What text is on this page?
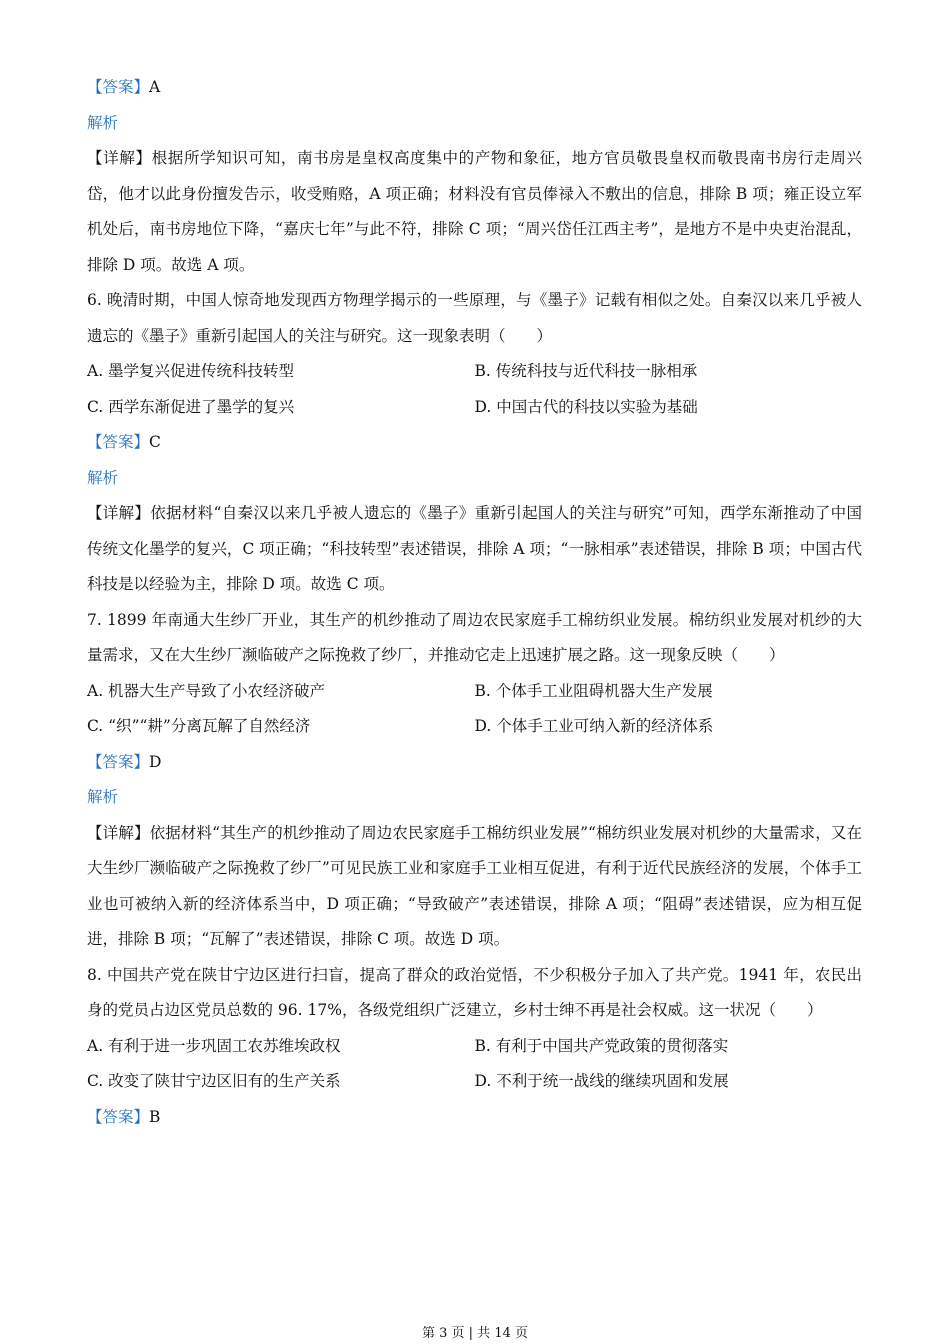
【答案】A
解析
【详解】根据所学知识可知，南书房是皇权高度集中的产物和象征，地方官员敬畏皇权而敬畏南书房行走周兴岱，他才以此身份擅发告示，收受贿赂，A 项正确；材料没有官员俸禄入不敷出的信息，排除 B 项；雍正设立军机处后，南书房地位下降，“嘉庆七年”与此不符，排除 C 项；“周兴岱任江西主考”，是地方不是中央吏治混乱，排除 D 项。故选 A 项。
6. 晚清时期，中国人惊奇地发现西方物理学揭示的一些原理，与《墨子》记载有相似之处。自秦汉以来几乎被人遗忘的《墨子》重新引起国人的关注与研究。这一现象表明（　　）
A. 墨学复兴促进传统科技转型	B. 传统科技与近代科技一脉相承
C. 西学东渐促进了墨学的复兴	D. 中国古代的科技以实验为基础
【答案】C
解析
【详解】依据材料“自秦汉以来几乎被人遗忘的《墨子》重新引起国人的关注与研究”可知，西学东渐推动了中国传统文化墨学的复兴，C 项正确；“科技转型”表述错误，排除 A 项；“一脉相承”表述错误，排除 B 项；中国古代科技是以经验为主，排除 D 项。故选 C 项。
7. 1899 年南通大生纱厂开业，其生产的机纱推动了周边农民家庭手工棉纺织业发展。棉纺织业发展对机纱的大量需求，又在大生纱厂濒临破产之际挽救了纱厂，并推动它走上迅速扩展之路。这一现象反映（　　）
A. 机器大生产导致了小农经济破产	B. 个体手工业阻碍机器大生产发展
C. “织”“耕”分离瓦解了自然经济	D. 个体手工业可纳入新的经济体系
【答案】D
解析
【详解】依据材料“其生产的机纱推动了周边农民家庭手工棉纺织业发展”“棉纺织业发展对机纱的大量需求，又在大生纱厂濒临破产之际挽救了纱厂”可见民族工业和家庭手工业相互促进，有利于近代民族经济的发展，个体手工业也可被纳入新的经济体系当中，D 项正确；“导致破产”表述错误，排除 A 项；“阻碍”表述错误，应为相互促进，排除 B 项；“瓦解了”表述错误，排除 C 项。故选 D 项。
8. 中国共产党在陕甘宁边区进行扫盲，提高了群众的政治觉悟，不少积极分子加入了共产党。1941 年，农民出身的党员占边区党员总数的 96. 17%，各级党组织广泛建立，乡村士绅不再是社会权威。这一状况（　　）
A. 有利于进一步巩固工农苏维埃政权	B. 有利于中国共产党政策的贯彻落实
C. 改变了陕甘宁边区旧有的生产关系	D. 不利于统一战线的继续巩固和发展
【答案】B
第 3 页 | 共 14 页
